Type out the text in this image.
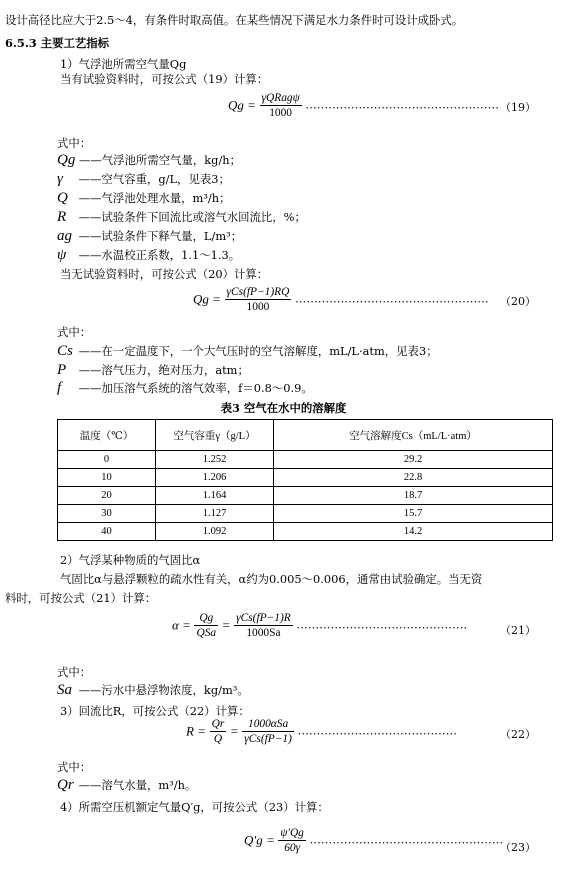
设计高径比应大于2.5～4，有条件时取高值。在某些情况下满足水力条件时可设计成卧式。
6.5.3 主要工艺指标
1）气浮池所需空气量Qg
当有试验资料时，可按公式（19）计算：
$Qg = \frac{\text{γQRagψ}}{1000}$ …………………………………………… （19）
式中：
Qg ——气浮池所需空气量，kg/h；
γ ——空气容重，g/L，见表3；
Q ——气浮池处理水量，m³/h；
R ——试验条件下回流比或溶气水回流比，%；
ag ——试验条件下释气量，L/m³；
ψ ——水温校正系数，1.1～1.3。
当无试验资料时，可按公式（20）计算：
$Qg = \frac{\text{γCs(fP−1)RQ}}{1000}$ …………………………………………… （20）
式中：
Cs ——在一定温度下，一个大气压时的空气溶解度，mL/L·atm，见表3；
P ——溶气压力，绝对压力，atm；
f ——加压溶气系统的溶气效率，f＝0.8～0.9。
表3 空气在水中的溶解度
温度（℃）	空气容重γ（g/L）	空气溶解度Cs（mL/L·atm）
0	1.252	29.2
10	1.206	22.8
20	1.164	18.7
30	1.127	15.7
40	1.092	14.2
2）气浮某种物质的气固比α
气固比α与悬浮颗粒的疏水性有关，α约为0.005～0.006，通常由试验确定。当无资
料时，可按公式（21）计算：
$\alpha = \frac{Qg}{\text{QSa}} = \frac{\text{γCs(fP−1)R}}{1000Sa}$ ………………………………………	（21）
式中：
Sa ——污水中悬浮物浓度，kg/m³。
3）回流比R，可按公式（22）计算：
$R = \frac{Qr}{Q} = \frac{\text{1000αSa}}{\text{γCs(fP−1)}}$ ……………………………………	（22）
式中：
Qr ——溶气水量，m³/h。
4）所需空压机额定气量Q′g，可按公式（23）计算：
$Q'g = \frac{\psi'Qg}{60\gamma}$ ……………………………………………
（23）
